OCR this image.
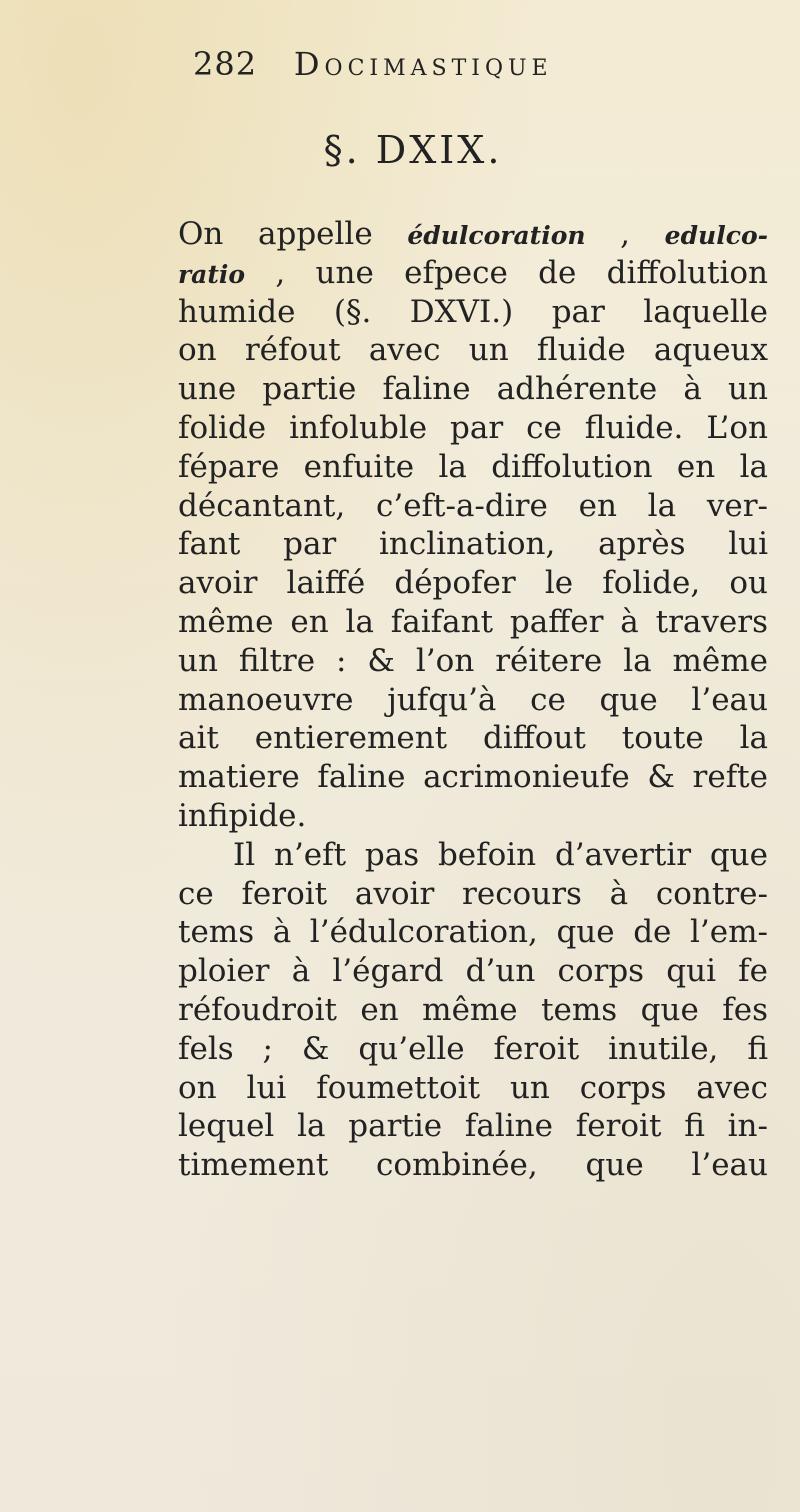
282 Docimastique
§. DXIX.
On appelle édulcoration , edulco-
ratio , une efpece de diffolution
humide (§. DXVI.) par laquelle
on réfout avec un fluide aqueux
une partie faline adhérente à un
folide infoluble par ce fluide. L’on
fépare enfuite la diffolution en la
décantant, c’eft-a-dire en la ver-
fant par inclination, après lui
avoir laiffé dépofer le folide, ou
même en la faifant paffer à travers
un filtre : & l’on réitere la même
manoeuvre jufqu’à ce que l’eau
ait entierement diffout toute la
matiere faline acrimonieufe & refte
infipide.
Il n’eft pas befoin d’avertir que
ce feroit avoir recours à contre-
tems à l’édulcoration, que de l’em-
ploier à l’égard d’un corps qui fe
réfoudroit en même tems que fes
fels ; & qu’elle feroit inutile, fi
on lui foumettoit un corps avec
lequel la partie faline feroit fi in-
timement combinée, que l’eau
